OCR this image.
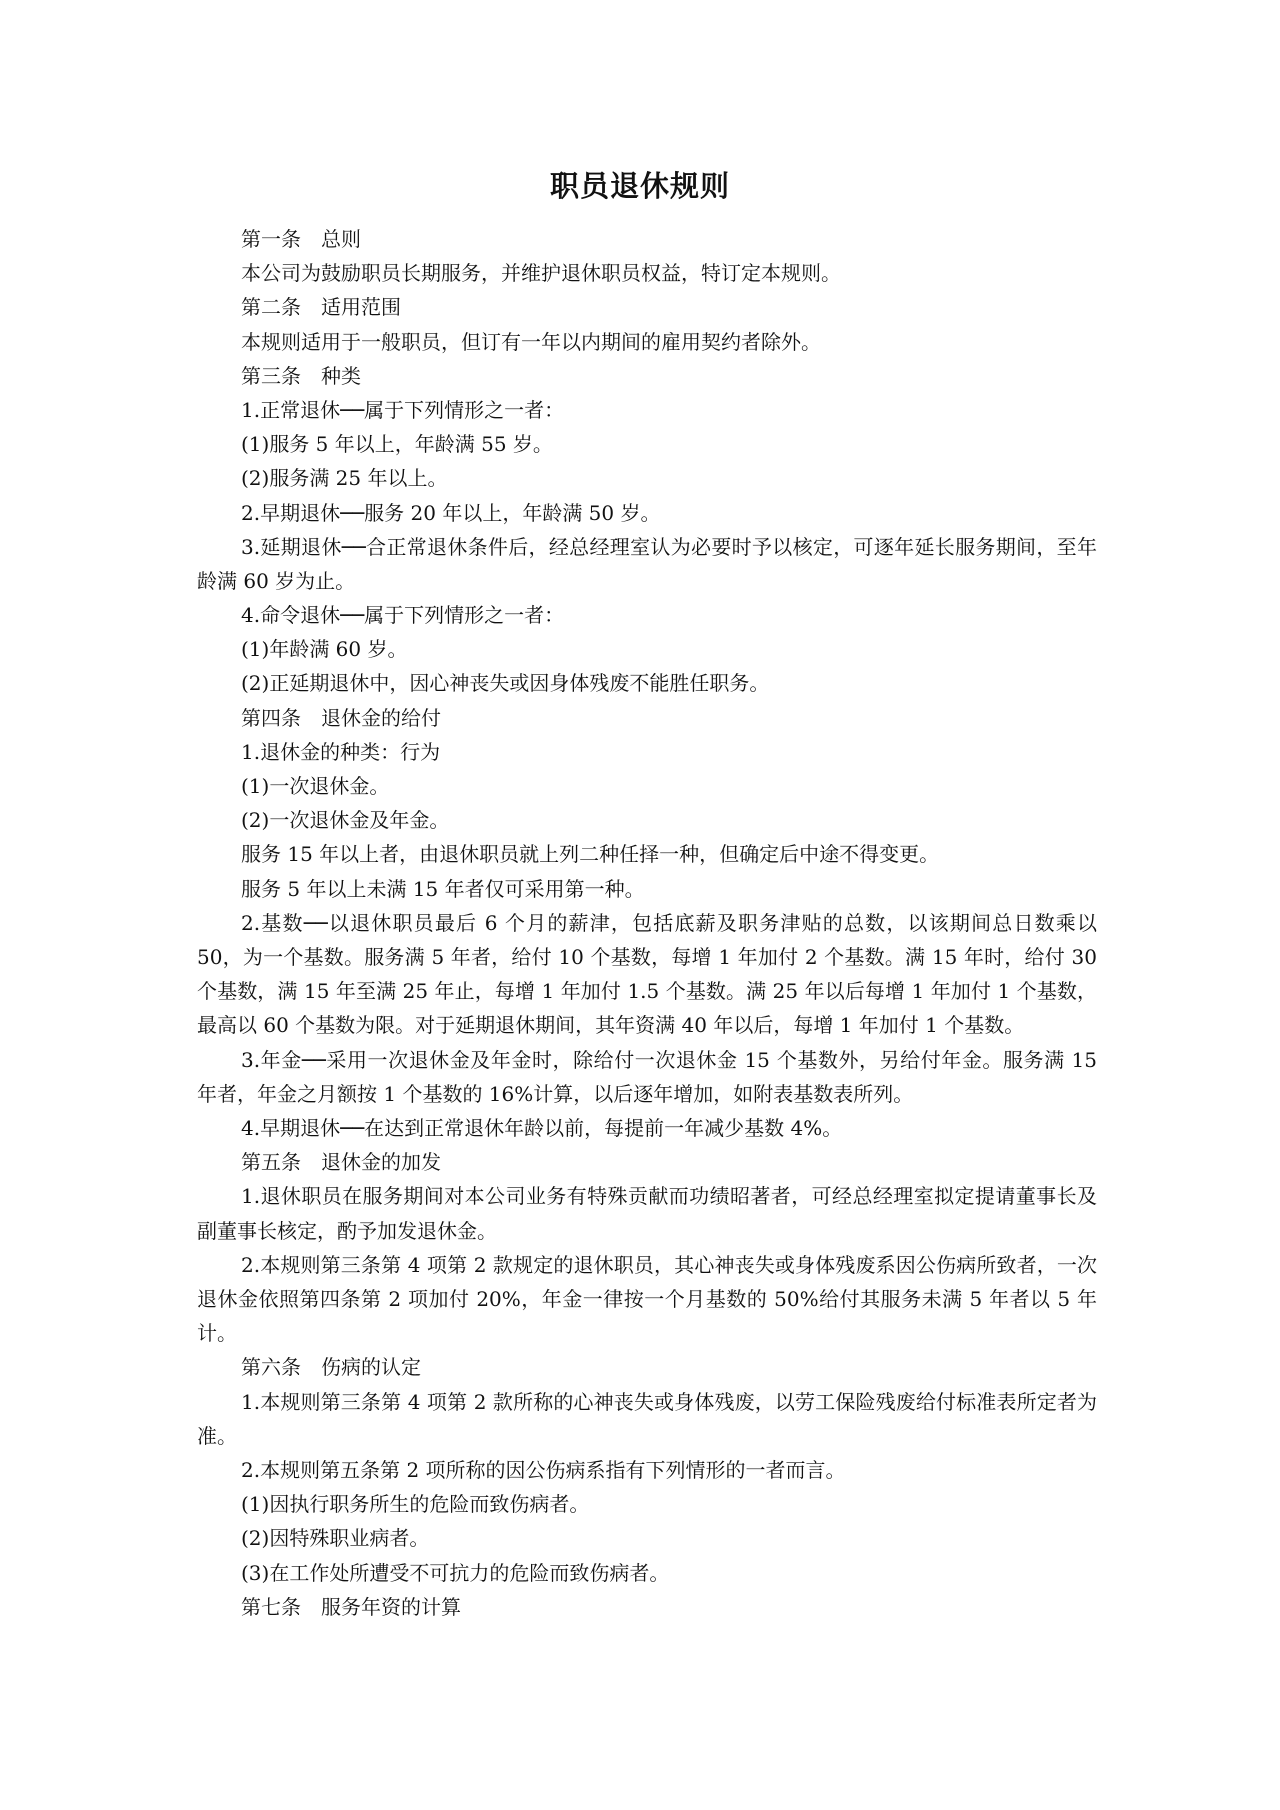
职员退休规则

第一条　总则

本公司为鼓励职员长期服务，并维护退休职员权益，特订定本规则。

第二条　适用范围

本规则适用于一般职员，但订有一年以内期间的雇用契约者除外。

第三条　种类

1.正常退休──属于下列情形之一者：

(1)服务 5 年以上，年龄满 55 岁。

(2)服务满 25 年以上。

2.早期退休──服务 20 年以上，年龄满 50 岁。

3.延期退休──合正常退休条件后，经总经理室认为必要时予以核定，可逐年延长服务期间，至年龄满 60 岁为止。

4.命令退休──属于下列情形之一者：

(1)年龄满 60 岁。

(2)正延期退休中，因心神丧失或因身体残废不能胜任职务。

第四条　退休金的给付

1.退休金的种类：行为

(1)一次退休金。

(2)一次退休金及年金。

服务 15 年以上者，由退休职员就上列二种任择一种，但确定后中途不得变更。

服务 5 年以上未满 15 年者仅可采用第一种。

2.基数──以退休职员最后 6 个月的薪津，包括底薪及职务津贴的总数，以该期间总日数乘以 50，为一个基数。服务满 5 年者，给付 10 个基数，每增 1 年加付 2 个基数。满 15 年时，给付 30 个基数，满 15 年至满 25 年止，每增 1 年加付 1.5 个基数。满 25 年以后每增 1 年加付 1 个基数，最高以 60 个基数为限。对于延期退休期间，其年资满 40 年以后，每增 1 年加付 1 个基数。

3.年金──采用一次退休金及年金时，除给付一次退休金 15 个基数外，另给付年金。服务满 15 年者，年金之月额按 1 个基数的 16%计算，以后逐年增加，如附表基数表所列。

4.早期退休──在达到正常退休年龄以前，每提前一年减少基数 4%。

第五条　退休金的加发

1.退休职员在服务期间对本公司业务有特殊贡献而功绩昭著者，可经总经理室拟定提请董事长及副董事长核定，酌予加发退休金。

2.本规则第三条第 4 项第 2 款规定的退休职员，其心神丧失或身体残废系因公伤病所致者，一次退休金依照第四条第 2 项加付 20%，年金一律按一个月基数的 50%给付其服务未满 5 年者以 5 年计。

第六条　伤病的认定

1.本规则第三条第 4 项第 2 款所称的心神丧失或身体残废，以劳工保险残废给付标准表所定者为准。

2.本规则第五条第 2 项所称的因公伤病系指有下列情形的一者而言。

(1)因执行职务所生的危险而致伤病者。

(2)因特殊职业病者。

(3)在工作处所遭受不可抗力的危险而致伤病者。

第七条　服务年资的计算
